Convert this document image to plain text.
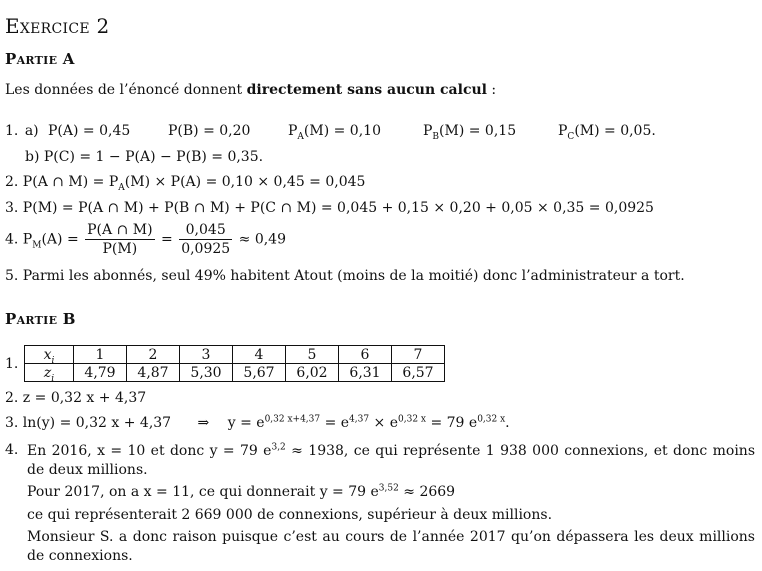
Exercice 2
Partie A
Les données de l’énoncé donnent directement sans aucun calcul :
1. a) P(A) = 0,45	P(B) = 0,20	$P_A(M) = 0,10$	$P_B(M) = 0,15$	$P_C(M) = 0,05$.
b) P(C) = 1 − P(A) − P(B) = 0,35.
2. P(A ∩ $M) = P_A(M) \times P(A) = 0,10 \times 0,45 = 0,045$
3. P(M) = P(A ∩ M) + P(B ∩ M) + P(C ∩ M) = 0,045 + 0,15 × 0,20 + 0,05 × 0,35 = 0,0925
4. $P_M(A) = \frac{P(A \cap M)}{P(M)} = \frac{0,045}{0,0925} \approx 0,49$
5. Parmi les abonnés, seul 49% habitent Atout (moins de la moitié) donc l’administrateur a tort.
Partie B
1.
$x_i$	1	2	3	4	5	6	7
$z_i$	4,79	4,87	5,30	5,67	6,02	6,31	6,57
2. z = 0,32 x + 4,37
3. ln(y) = 0,32 x + 4,37 ⇒ $y = e^{0,32 x+4,37} = e^{4,37} \times e^{0,32 x} = 79$ $e^{0,32 x}$.
4. En 2016, x = 10 et donc y = 79 $e^{3,2} \approx 1938$, ce qui représente 1 938 000 connexions, et donc moins de deux millions.
Pour 2017, on a x = 11, ce qui donnerait y = 79 $e^{3,52} \approx 2669$
ce qui représenterait 2 669 000 de connexions, supérieur à deux millions.
Monsieur S. a donc raison puisque c’est au cours de l’année 2017 qu’on dépassera les deux millions de connexions.
